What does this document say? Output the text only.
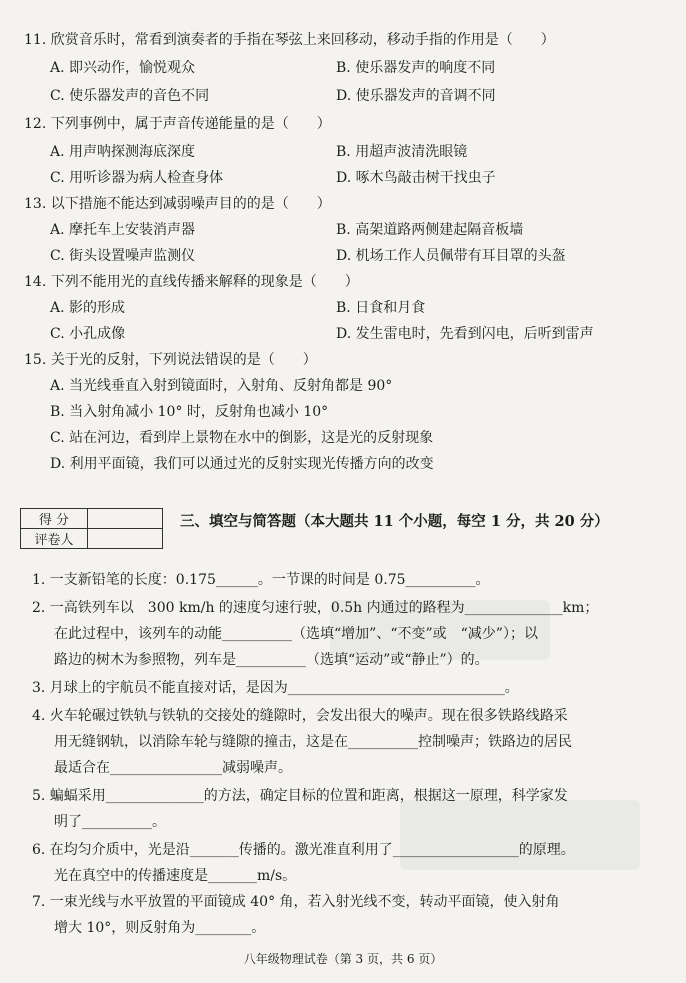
11. 欣赏音乐时，常看到演奏者的手指在琴弦上来回移动，移动手指的作用是（　　）
A. 即兴动作，愉悦观众	B. 使乐器发声的响度不同
C. 使乐器发声的音色不同	D. 使乐器发声的音调不同
12. 下列事例中，属于声音传递能量的是（　　）
A. 用声呐探测海底深度	B. 用超声波清洗眼镜
C. 用听诊器为病人检查身体	D. 啄木鸟敲击树干找虫子
13. 以下措施不能达到减弱噪声目的的是（　　）
A. 摩托车上安装消声器	B. 高架道路两侧建起隔音板墙
C. 街头设置噪声监测仪	D. 机场工作人员佩带有耳目罩的头盔
14. 下列不能用光的直线传播来解释的现象是（　　）
A. 影的形成	B. 日食和月食
C. 小孔成像	D. 发生雷电时，先看到闪电，后听到雷声
15. 关于光的反射，下列说法错误的是（　　）
A. 当光线垂直入射到镜面时，入射角、反射角都是 90°
B. 当入射角减小 10° 时，反射角也减小 10°
C. 站在河边，看到岸上景物在水中的倒影，这是光的反射现象
D. 利用平面镜，我们可以通过光的反射实现光传播方向的改变
得 分	
评卷人	
三、填空与简答题（本大题共 11 个小题，每空 1 分，共 20 分）
1. 一支新铅笔的长度：0.175______。一节课的时间是 0.75__________。
2. 一高铁列车以　300 km/h 的速度匀速行驶，0.5h 内通过的路程为______________km；
在此过程中，该列车的动能__________（选填“增加”、“不变”或　“减少”）；以
路边的树木为参照物，列车是__________（选填“运动”或“静止”）的。
3. 月球上的宇航员不能直接对话，是因为_______________________________。
4. 火车轮碾过铁轨与铁轨的交接处的缝隙时，会发出很大的噪声。现在很多铁路线路采
用无缝钢轨，以消除车轮与缝隙的撞击，这是在__________控制噪声；铁路边的居民
最适合在________________减弱噪声。
5. 蝙蝠采用______________的方法，确定目标的位置和距离，根据这一原理，科学家发
明了__________。
6. 在均匀介质中，光是沿_______传播的。激光准直利用了__________________的原理。
光在真空中的传播速度是_______m/s。
7. 一束光线与水平放置的平面镜成 40° 角，若入射光线不变，转动平面镜，使入射角
增大 10°，则反射角为________。
八年级物理试卷（第 3 页，共 6 页）
